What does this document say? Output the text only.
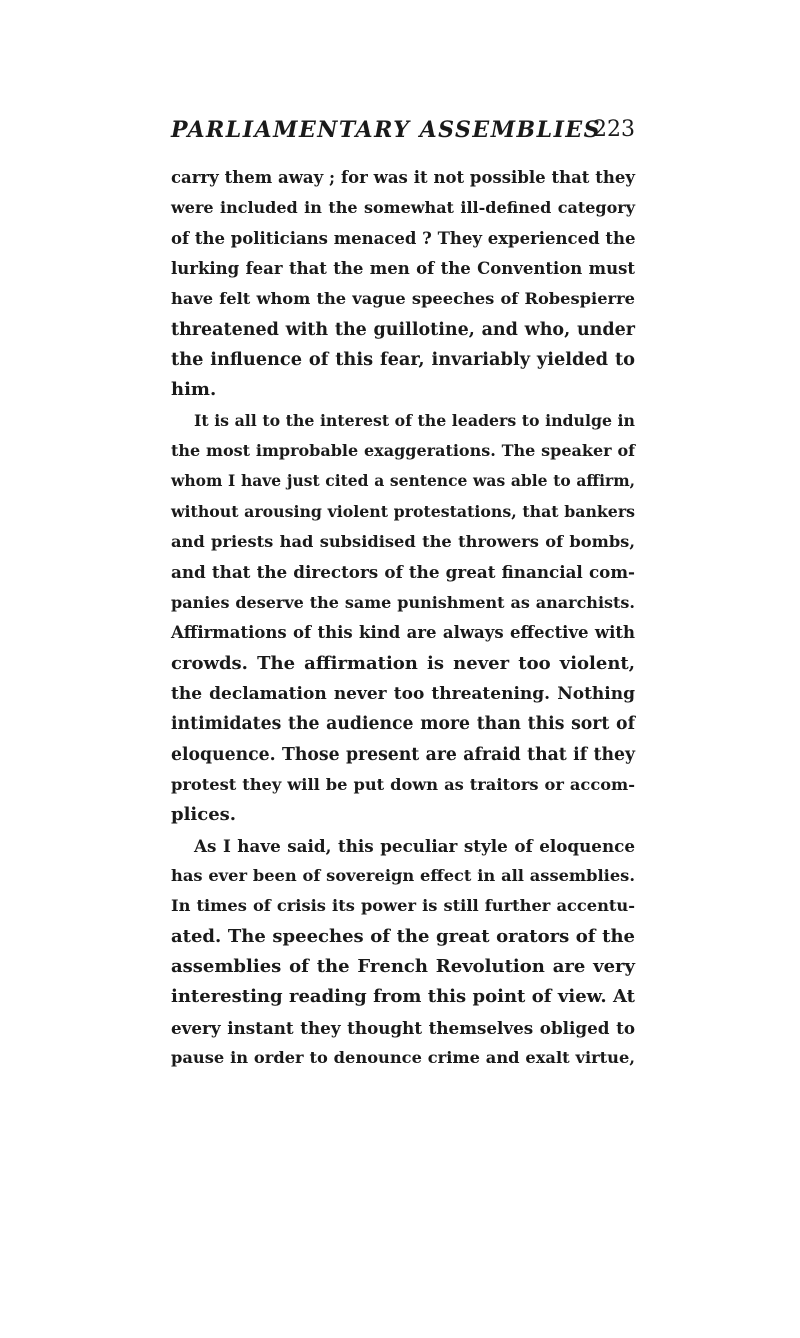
PARLIAMENTARY ASSEMBLIES
223
carry them away ; for was it not possible that they
were included in the somewhat ill-defined category
of the politicians menaced ? They experienced the
lurking fear that the men of the Convention must
have felt whom the vague speeches of Robespierre
threatened with the guillotine, and who, under
the influence of this fear, invariably yielded to
him.
It is all to the interest of the leaders to indulge in
the most improbable exaggerations. The speaker of
whom I have just cited a sentence was able to affirm,
without arousing violent protestations, that bankers
and priests had subsidised the throwers of bombs,
and that the directors of the great financial com-
panies deserve the same punishment as anarchists.
Affirmations of this kind are always effective with
crowds. The affirmation is never too violent,
the declamation never too threatening. Nothing
intimidates the audience more than this sort of
eloquence. Those present are afraid that if they
protest they will be put down as traitors or accom-
plices.
As I have said, this peculiar style of eloquence
has ever been of sovereign effect in all assemblies.
In times of crisis its power is still further accentu-
ated. The speeches of the great orators of the
assemblies of the French Revolution are very
interesting reading from this point of view. At
every instant they thought themselves obliged to
pause in order to denounce crime and exalt virtue,
